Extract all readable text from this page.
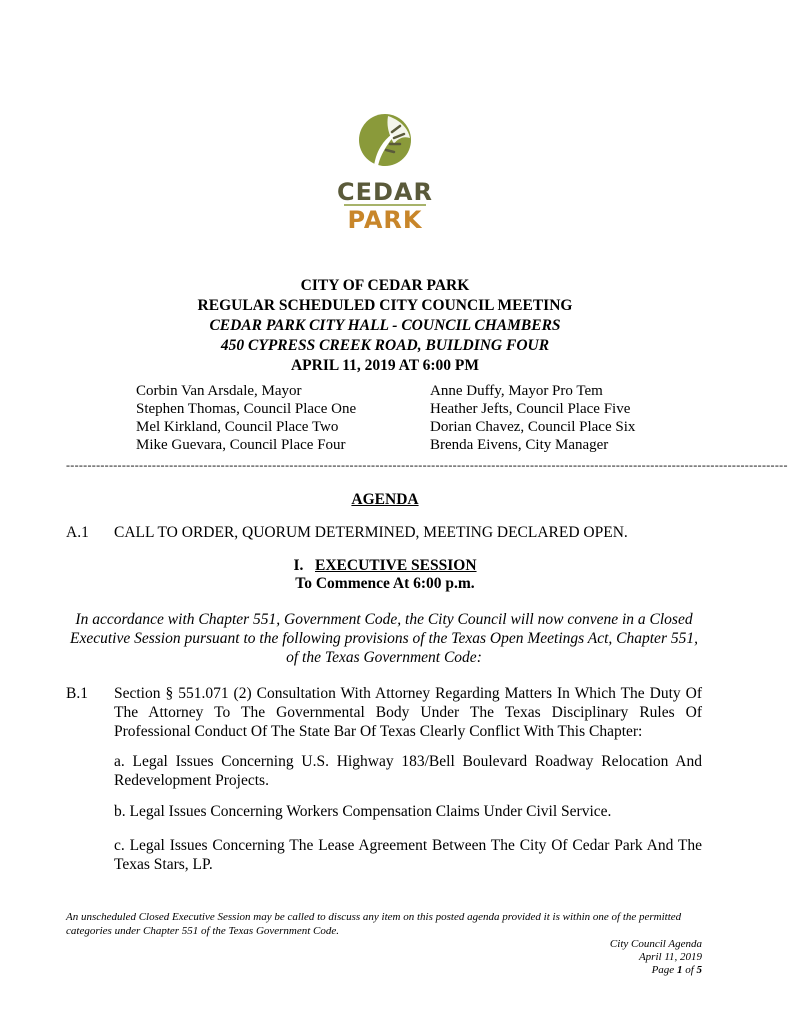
CEDAR
PARK
CITY OF CEDAR PARK
REGULAR SCHEDULED CITY COUNCIL MEETING
CEDAR PARK CITY HALL - COUNCIL CHAMBERS
450 CYPRESS CREEK ROAD, BUILDING FOUR
APRIL 11, 2019 AT 6:00 PM
Corbin Van Arsdale, Mayor
Stephen Thomas, Council Place One
Mel Kirkland, Council Place Two
Mike Guevara, Council Place Four
Anne Duffy, Mayor Pro Tem
Heather Jefts, Council Place Five
Dorian Chavez, Council Place Six
Brenda Eivens, City Manager
------------------------------------------------------------------------------------------------------------------------------------------------------------------------
AGENDA
A.1 CALL TO ORDER, QUORUM DETERMINED, MEETING DECLARED OPEN.
I. EXECUTIVE SESSION
To Commence At 6:00 p.m.
In accordance with Chapter 551, Government Code, the City Council will now convene in a Closed Executive Session pursuant to the following provisions of the Texas Open Meetings Act, Chapter 551, of the Texas Government Code:
B.1 Section § 551.071 (2) Consultation With Attorney Regarding Matters In Which The Duty Of The Attorney To The Governmental Body Under The Texas Disciplinary Rules Of Professional Conduct Of The State Bar Of Texas Clearly Conflict With This Chapter:
a. Legal Issues Concerning U.S. Highway 183/Bell Boulevard Roadway Relocation And Redevelopment Projects.
b. Legal Issues Concerning Workers Compensation Claims Under Civil Service.
c. Legal Issues Concerning The Lease Agreement Between The City Of Cedar Park And The Texas Stars, LP.
An unscheduled Closed Executive Session may be called to discuss any item on this posted agenda provided it is within one of the permitted categories under Chapter 551 of the Texas Government Code.
City Council Agenda
April 11, 2019
Page 1 of 5
